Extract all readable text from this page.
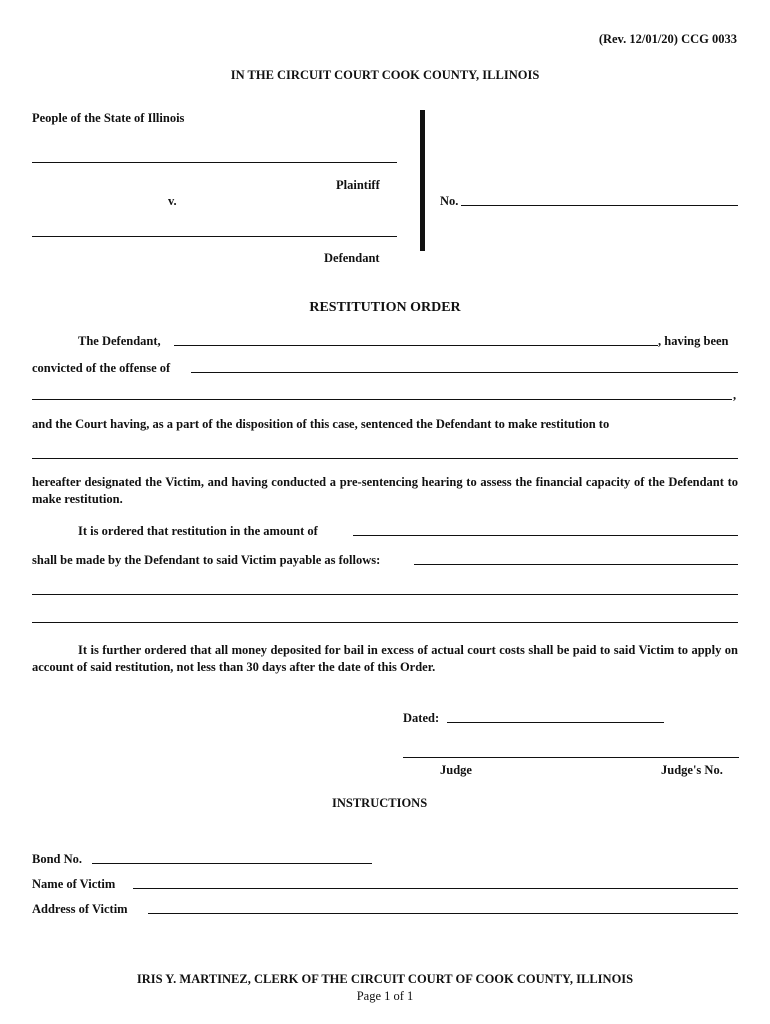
(Rev. 12/01/20) CCG 0033
IN THE CIRCUIT COURT COOK COUNTY, ILLINOIS
People of the State of Illinois
Plaintiff
v.
Defendant
No.
RESTITUTION ORDER
The Defendant,	, having been
convicted of the offense of
,
and the Court having, as a part of the disposition of this case, sentenced the Defendant to make restitution to
hereafter designated the Victim, and having conducted a pre-sentencing hearing to assess the financial capacity of the Defendant to make restitution.
It is ordered that restitution in the amount of
shall be made by the Defendant to said Victim payable as follows:
It is further ordered that all money deposited for bail in excess of actual court costs shall be paid to said Victim to apply on account of said restitution, not less than 30 days after the date of this Order.
Dated:
Judge	Judge's No.
INSTRUCTIONS
Bond No.
Name of Victim
Address of Victim
IRIS Y. MARTINEZ, CLERK OF THE CIRCUIT COURT OF COOK COUNTY, ILLINOIS
Page 1 of 1
